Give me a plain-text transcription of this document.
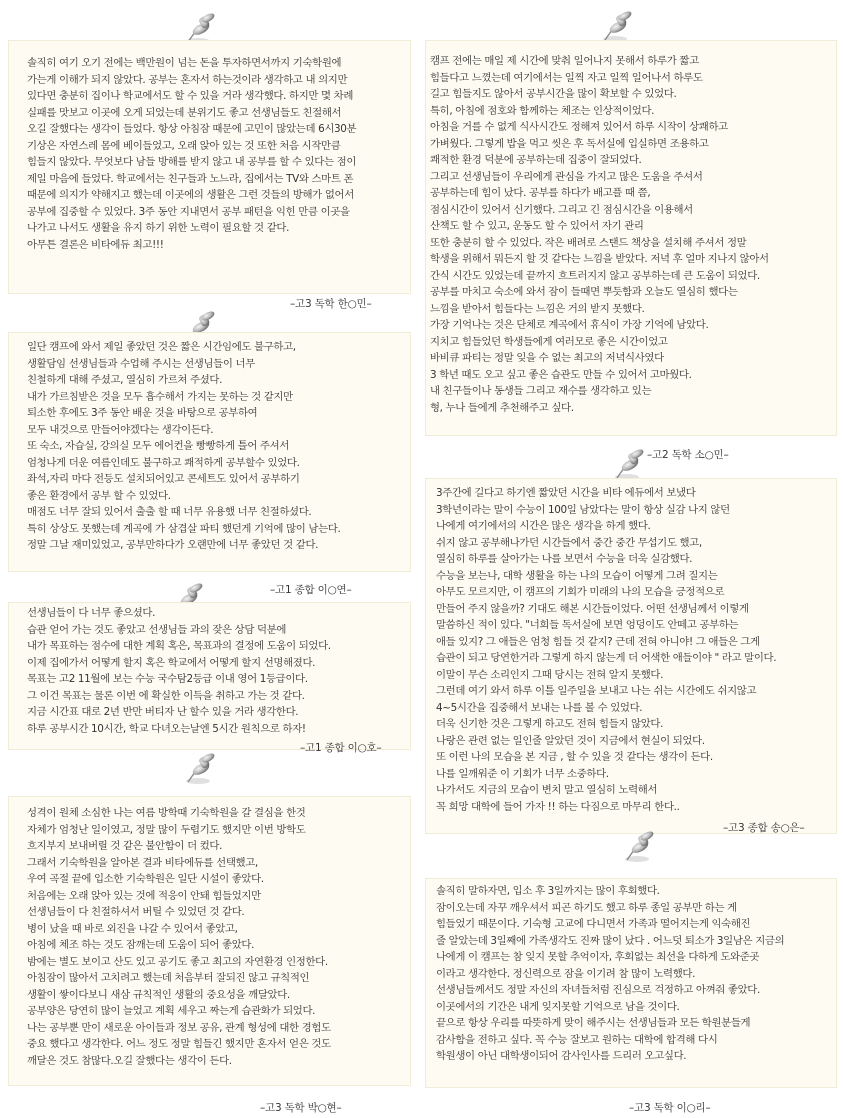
솔직히 여기 오기 전에는 백만원이 넘는 돈을 투자하면서까지 기숙학원에

가는게 이해가 되지 않았다. 공부는 혼자서 하는것이라 생각하고 내 의지만

있다면 충분히 집이나 학교에서도 할 수 있을 거라 생각했다. 하지만 몇 차례

실패를 맛보고 이곳에 오게 되었는데 분위기도 좋고 선생님들도 친절해서

오길 잘했다는 생각이 들었다. 항상 아침잠 때문에 고민이 많았는데 6시30분

기상은 자연스레 몸에 베이들었고, 오래 앉아 있는 것 또한 처음 시작만큼

힘들지 않았다. 무엇보다 남들 방해를 받지 않고 내 공부를 할 수 있다는 점이

제일 마음에 들었다. 학교에서는 친구들과 노느라, 집에서는 TV와 스마트 폰

때문에 의지가 약해지고 했는데 이곳에의 생활은 그런 것들의 방해가 없어서

공부에 집중할 수 있었다. 3주 동안 지내면서 공부 패턴을 익힌 만큼 이곳을

나가고 나서도 생활을 유지 하기 위한 노력이 필요할 것 같다.

아무튼 결론은 비타에듀 최고!!!

–고3 독학 한○민–

일단 캠프에 와서 제일 좋았던 것은 짧은 시간임에도 불구하고,

생활담임 선생님들과 수업해 주시는 선생님들이 너무

친철하게 대해 주셨고, 열심히 가르쳐 주셨다.

내가 가르침받은 것을 모두 흡수해서 가지는 못하는 것 같지만

퇴소한 후에도 3주 동안 배운 것을 바탕으로 공부하여

모두 내것으로 만들어야겠다는 생각이든다.

또 숙소, 자습실, 강의실 모두 에어컨을 빵빵하게 틀어 주셔서

엄청나게 더운 여름인데도 불구하고 쾌적하게 공부할수 있었다.

좌석,자리 마다 전등도 설치되어있고 콘세트도 있어서 공부하기

좋은 환경에서 공부 할 수 있었다.

매점도 너무 잘되 있어서 출출 할 때 너무 유용했 너무 친절하셨다.

특히 상상도 못했는데 계곡에 가 삼겹살 파티 했던게 기억에 많이 남는다.

정말 그날 재미있었고, 공부만하다가 오랜만에 너무 좋았던 것 같다.

–고1 종합 이○연–

선생님들이 다 너무 좋으셨다.

습관 얻어 가는 것도 좋았고 선생님들 과의 잦은 상담 덕분에

내가 목표하는 점수에 대한 계획 혹은, 목표과의 결정에 도움이 되었다.

이제 집에가서 어떻게 할지 혹은 학교에서 어떻게 할지 선명해졌다.

목표는 고2 11월에 보는 수능 국수탐2등급 이내 영어 1등급이다.

그 이건 목표는 물론 이번 에 확실한 이득을 취하고 가는 것 같다.

지금 시간표 대로 2년 반만 버티자 난 할수 있을 거라 생각한다.

하루 공부시간 10시간, 학교 다녀오는날엔 5시간 원칙으로 하자!

–고1 종합 이○호–

성격이 원체 소심한 나는 여름 방학때 기숙학원을 갈 결심을 한것

자체가 엄청난 일이였고, 정말 많이 두렵기도 했지만 이번 방학도

흐지부지 보내버릴 것 같은 불안함이 더 컸다.

그래서 기숙학원을 알아본 결과 비타에듀를 선택했고,

우여 곡절 끝에 입소한 기숙학원은 일단 시설이 좋았다.

처음에는 오래 앉아 있는 것에 적응이 안돼 힘들었지만

선생님들이 다 친절하셔서 버틸 수 있었던 것 같다.

병이 났을 때 바로 외진을 나갈 수 있어서 좋았고,

아침에 체조 하는 것도 잠깨는데 도움이 되어 좋았다.

밤에는 별도 보이고 산도 있고 공기도 좋고 최고의 자연환경 인정한다.

아침잠이 많아서 고치려고 했는데 처음부터 잘되진 않고 규칙적인

생활이 쌓이다보니 새삼 규칙적인 생활의 중요성을 깨달았다.

공부양은 당연히 많이 늘었고 계획 세우고 짜는게 습관화가 되었다.

나는 공부뿐 만이 새로운 아이들과 정보 공유, 관계 형성에 대한 경험도

중요 했다고 생각한다. 어느 정도 정말 힘들긴 했지만 혼자서 얻은 것도

깨달은 것도 참많다.오길 잘했다는 생각이 든다.

–고3 독학 박○현–

캠프 전에는 매일 제 시간에 맞춰 일어나지 못해서 하루가 짧고

힘들다고 느꼈는데 여기에서는 일찍 자고 일찍 일어나서 하루도

길고 힘들지도 않아서 공부시간을 많이 확보할 수 있었다.

특히, 아침에 점호와 함께하는 체조는 인상적이었다.

아침을 거를 수 없게 식사시간도 정해져 있어서 하루 시작이 상쾌하고

가벼웠다. 그렇게 밥을 먹고 씻은 후 독서실에 입실하면 조용하고

쾌적한 환경 덕분에 공부하는데 집중이 잘되었다.

그리고 선생님들이 우리에게 관심을 가지고 많은 도움을 주셔서

공부하는데 힘이 났다. 공부를 하다가 배고플 때 쯤,

점심시간이 있어서 신기했다. 그리고 긴 점심시간을 이용해서

산책도 할 수 있고, 운동도 할 수 있어서 자기 관리

또한 충분히 할 수 있었다. 작은 배려로 스탠드 책상을 설치해 주셔서 정말

학생을 위해서 뭐든지 할 것 같다는 느낌을 받았다. 저녁 후 얼마 지나지 않아서

간식 시간도 있었는데 끝까지 흐트러지지 않고 공부하는데 큰 도움이 되었다.

공부를 마치고 숙소에 와서 잠이 들때면 뿌듯함과 오늘도 열심히 했다는

느낌을 받아서 힘들다는 느낌은 거의 받지 못했다.

가장 기억나는 것은 단체로 계곡에서 휴식이 가장 기억에 남았다.

지치고 힘들었던 학생들에게 여러모로 좋은 시간이었고

바비큐 파티는 정말 잊을 수 없는 최고의 저녁식사였다

3 학년 때도 오고 싶고 좋은 습관도 만들 수 있어서 고마웠다.

내 친구들이나 동생들 그리고 재수를 생각하고 있는

형, 누나 들에게 추천해주고 싶다.

–고2 독학 소○민–

3주간에 길다고 하기엔 짧았던 시간을 비타 에듀에서 보냈다

3학년이라는 말이 수능이 100일 남았다는 말이 항상 실감 나지 않던

나에게 여기에서의 시간은 많은 생각을 하게 했다.

쉬지 않고 공부해나가던 시간들에서 중간 중간 무섭기도 했고,

열심히 하루를 살아가는 나를 보면서 수능을 더욱 실감했다.

수능을 보는나, 대학 생활을 하는 나의 모습이 어떻게 그려 질지는

아무도 모르지만, 이 캠프의 기회가 미래의 나의 모습을 긍정적으로

만들어 주지 않을까? 기대도 해본 시간들이었다. 어떤 선생님께서 이렇게

말씀하신 적이 있다. "너희들 독서실에 보면 엉덩이도 안떼고 공부하는

애들 있지? 그 애들은 엄청 힘들 것 같지? 근데 전혀 아니야! 그 애들은 그게

습관이 되고 당연한거라 그렇게 하지 않는게 더 어색한 애들이야 " 라고 말이다.

이말이 무슨 소리인지 그때 당시는 전혀 알지 못했다.

그런데 여기 와서 하루 이틀 일주일을 보내고 나는 쉬는 시간에도 쉬지않고

4~5시간을 집중해서 보내는 나를 볼 수 있었다.

더욱 신기한 것은 그렇게 하고도 전혀 힘들지 않았다.

나랑은 관련 없는 일인줄 알았던 것이 지금에서 현실이 되었다.

또 이런 나의 모습을 본 지금 , 할 수 있을 것 같다는 생각이 든다.

나를 일깨워준 이 기회가 너무 소중하다.

나가서도 지금의 모습이 변치 말고 열심히 노력해서

꼭 희망 대학에 들어 가자 !! 하는 다짐으로 마무리 한다..

–고3 종합 송○은–

솔직히 말하자면, 입소 후 3일까지는 많이 후회했다.

잠이오는데 자꾸 깨우셔서 피곤 하기도 했고 하루 종일 공부만 하는 게

힘들었기 때문이다. 기숙형 고교에 다니면서 가족과 떨어지는게 익숙해진

줄 알았는데 3일째에 가족생각도 진짜 많이 났다 . 어느덧 퇴소가 3일남은 지금의

나에게 이 캠프는 참 잊지 못할 추억이자, 후회없는 최선을 다하게 도와준곳

이라고 생각한다. 정신력으로 잠을 이기려 참 많이 노력했다.

선생님들께서도 정말 자신의 자녀들처럼 진심으로 걱정하고 아껴줘 좋았다.

이곳에서의 기간은 내게 잊지못할 기억으로 남을 것이다.

끝으로 항상 우리를 따뜻하게 맞이 해주시는 선생님들과 모든 학원분들게

감사함을 전하고 싶다. 꼭 수능 잘보고 원하는 대학에 합격해 다시

학원생이 아닌 대학생이되어 감사인사를 드리러 오고싶다.

–고3 독학 이○리–
